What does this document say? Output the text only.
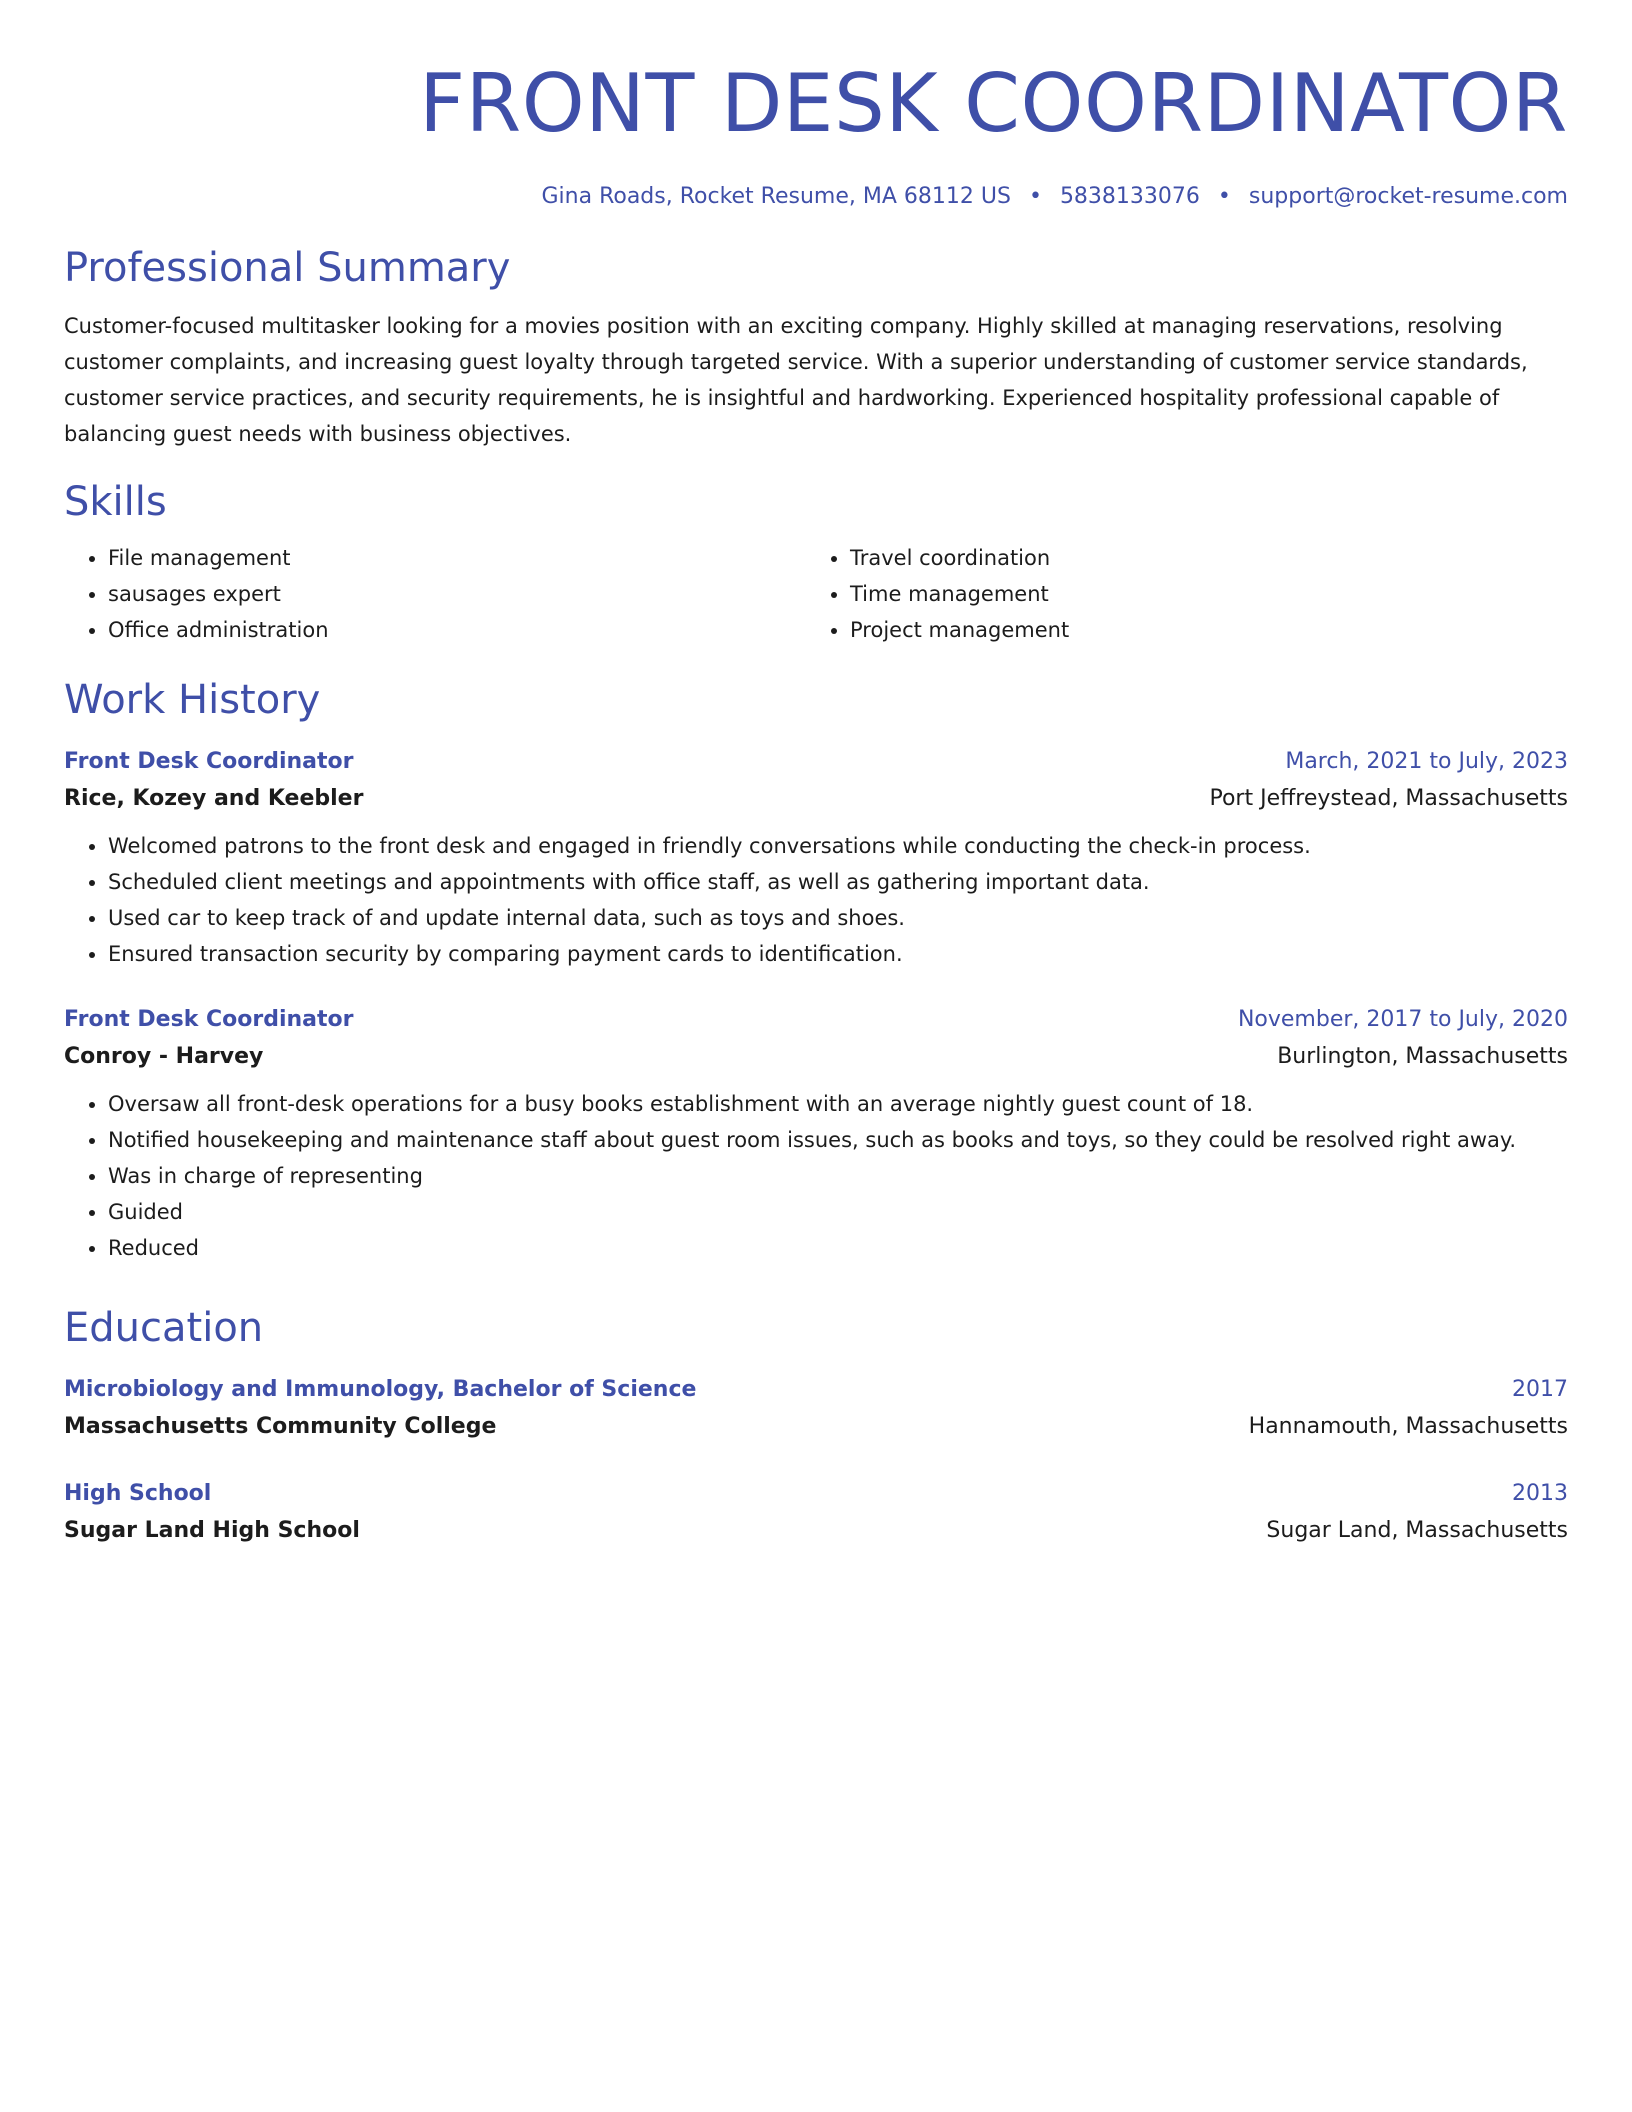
FRONT DESK COORDINATOR
Gina Roads, Rocket Resume, MA 68112 US • 5838133076 • support@rocket-resume.com
Professional Summary
Customer-focused multitasker looking for a movies position with an exciting company. Highly skilled at managing reservations, resolving customer complaints, and increasing guest loyalty through targeted service. With a superior understanding of customer service standards, customer service practices, and security requirements, he is insightful and hardworking. Experienced hospitality professional capable of balancing guest needs with business objectives.
Skills
• File management
• sausages expert
• Office administration
• Travel coordination
• Time management
• Project management
Work History
Front Desk Coordinator	March, 2021 to July, 2023
Rice, Kozey and Keebler	Port Jeffreystead, Massachusetts
• Welcomed patrons to the front desk and engaged in friendly conversations while conducting the check-in process.
• Scheduled client meetings and appointments with office staff, as well as gathering important data.
• Used car to keep track of and update internal data, such as toys and shoes.
• Ensured transaction security by comparing payment cards to identification.
Front Desk Coordinator	November, 2017 to July, 2020
Conroy - Harvey	Burlington, Massachusetts
• Oversaw all front-desk operations for a busy books establishment with an average nightly guest count of 18.
• Notified housekeeping and maintenance staff about guest room issues, such as books and toys, so they could be resolved right away.
• Was in charge of representing
• Guided
• Reduced
Education
Microbiology and Immunology, Bachelor of Science	2017
Massachusetts Community College	Hannamouth, Massachusetts
High School	2013
Sugar Land High School	Sugar Land, Massachusetts
